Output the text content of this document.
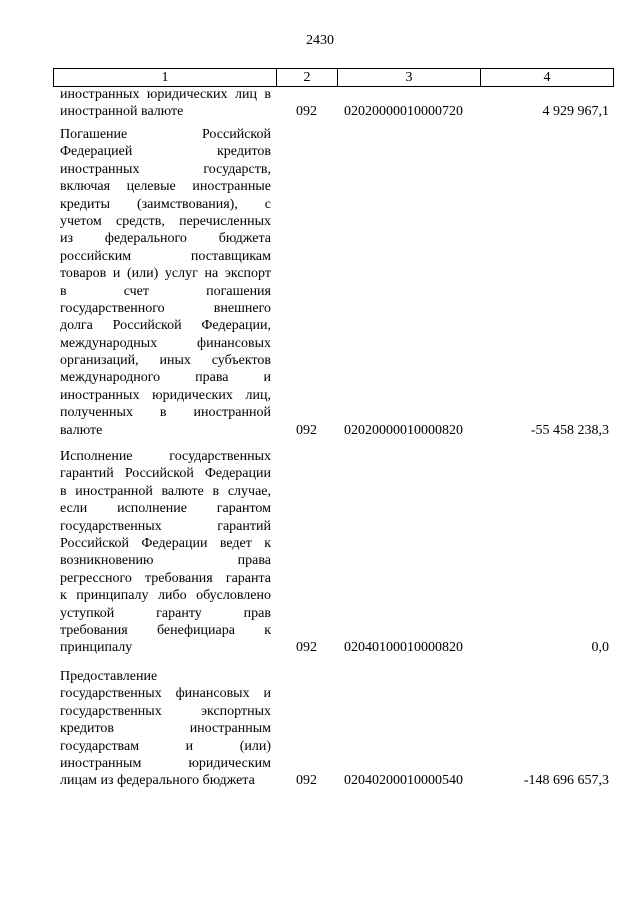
2430
1	2	3	4
иностранных юридических лиц в
иностранной валюте	092 02020000010000720	4 929 967,1
Погашение Российской
Федерацией кредитов
иностранных государств,
включая целевые иностранные
кредиты (заимствования), с
учетом средств, перечисленных
из федерального бюджета
российским поставщикам
товаров и (или) услуг на экспорт
в счет погашения
государственного внешнего
долга Российской Федерации,
международных финансовых
организаций, иных субъектов
международного права и
иностранных юридических лиц,
полученных в иностранной
валюте	092 02020000010000820	-55 458 238,3
Исполнение государственных
гарантий Российской Федерации
в иностранной валюте в случае,
если исполнение гарантом
государственных гарантий
Российской Федерации ведет к
возникновению права
регрессного требования гаранта
к принципалу либо обусловлено
уступкой гаранту прав
требования бенефициара к
принципалу	092 02040100010000820	0,0
Предоставление
государственных финансовых и
государственных экспортных
кредитов иностранным
государствам и (или)
иностранным юридическим
лицам из федерального бюджета	092 02040200010000540	-148 696 657,3
